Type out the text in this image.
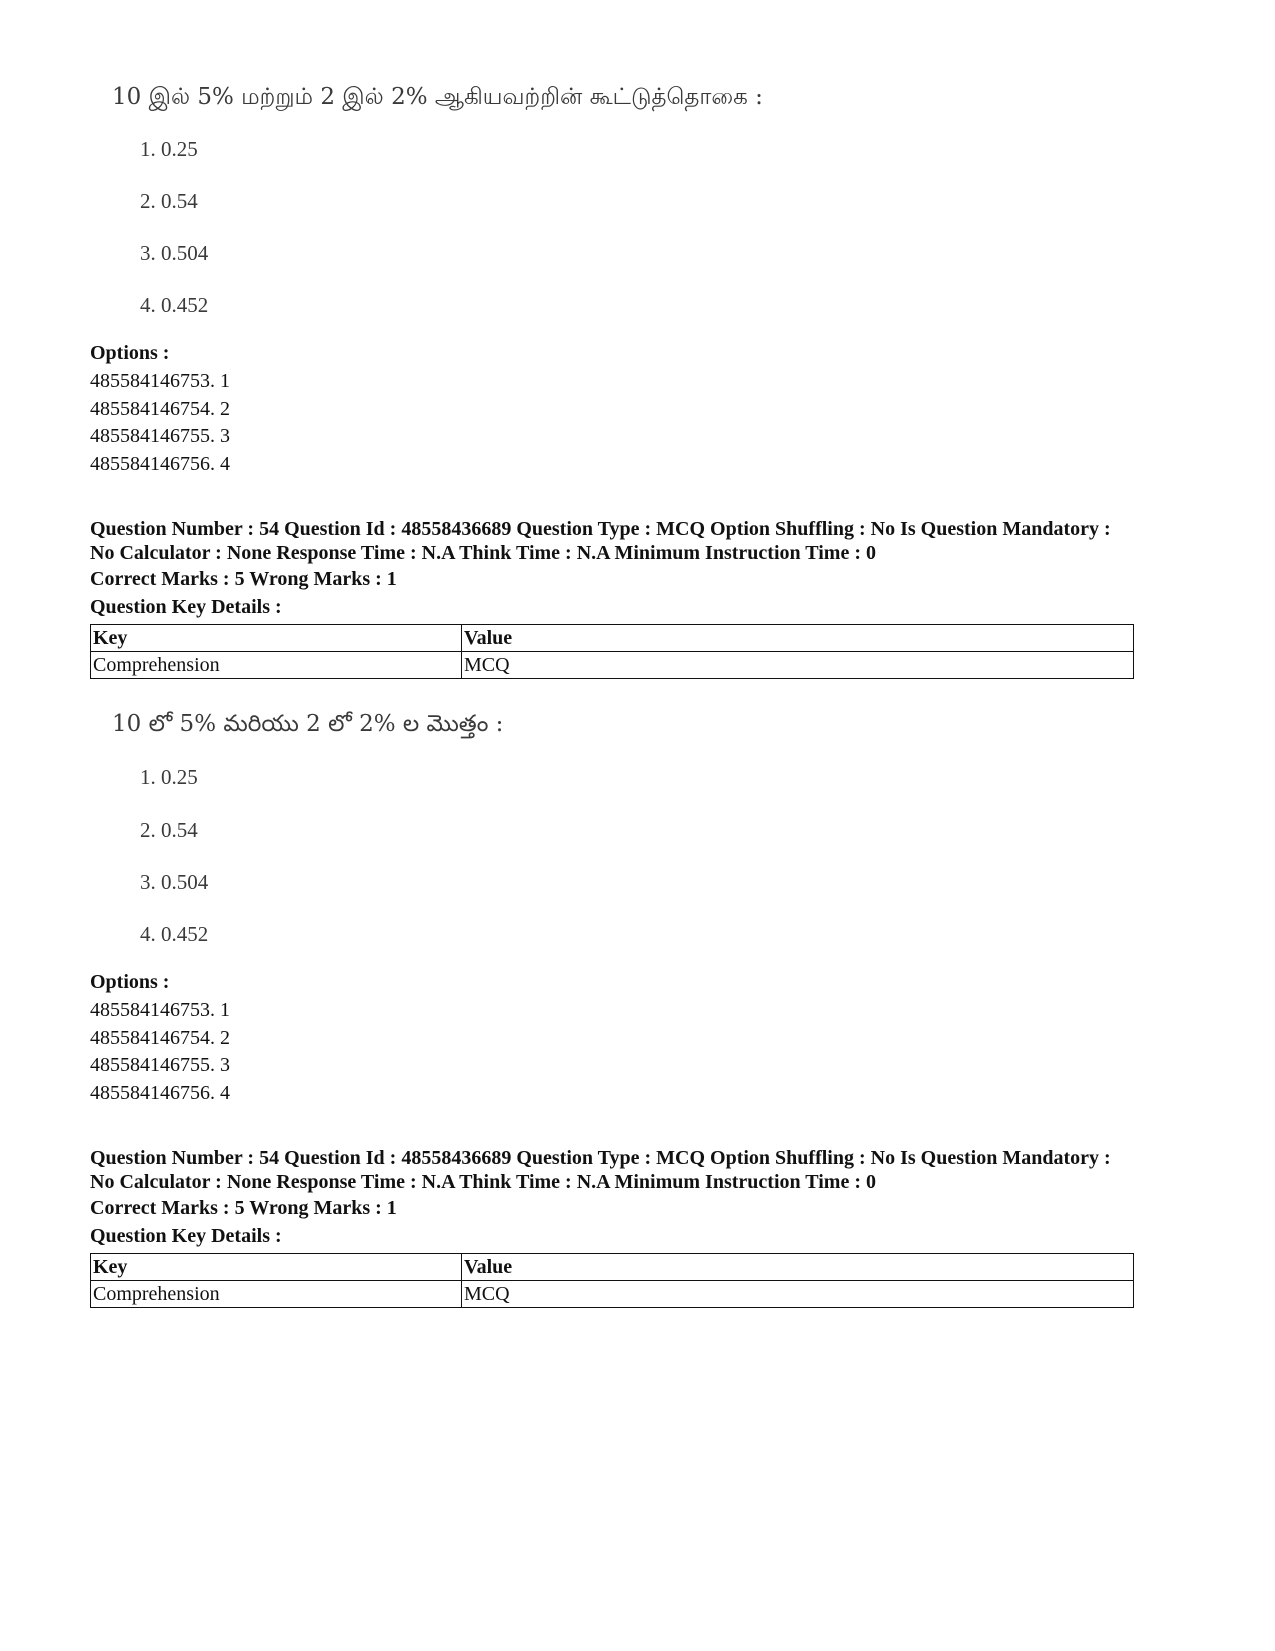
10 இல் 5% மற்றும் 2 இல் 2% ஆகியவற்றின் கூட்டுத்தொகை :
1. 0.25
2. 0.54
3. 0.504
4. 0.452
Options :
485584146753. 1
485584146754. 2
485584146755. 3
485584146756. 4
Question Number : 54 Question Id : 48558436689 Question Type : MCQ Option Shuffling : No Is Question Mandatory :
No Calculator : None Response Time : N.A Think Time : N.A Minimum Instruction Time : 0
Correct Marks : 5 Wrong Marks : 1
Question Key Details :
Key	Value
Comprehension	MCQ
10 లో 5% మరియు 2 లో 2% ల మొత్తం :
1. 0.25
2. 0.54
3. 0.504
4. 0.452
Options :
485584146753. 1
485584146754. 2
485584146755. 3
485584146756. 4
Question Number : 54 Question Id : 48558436689 Question Type : MCQ Option Shuffling : No Is Question Mandatory :
No Calculator : None Response Time : N.A Think Time : N.A Minimum Instruction Time : 0
Correct Marks : 5 Wrong Marks : 1
Question Key Details :
Key	Value
Comprehension	MCQ
